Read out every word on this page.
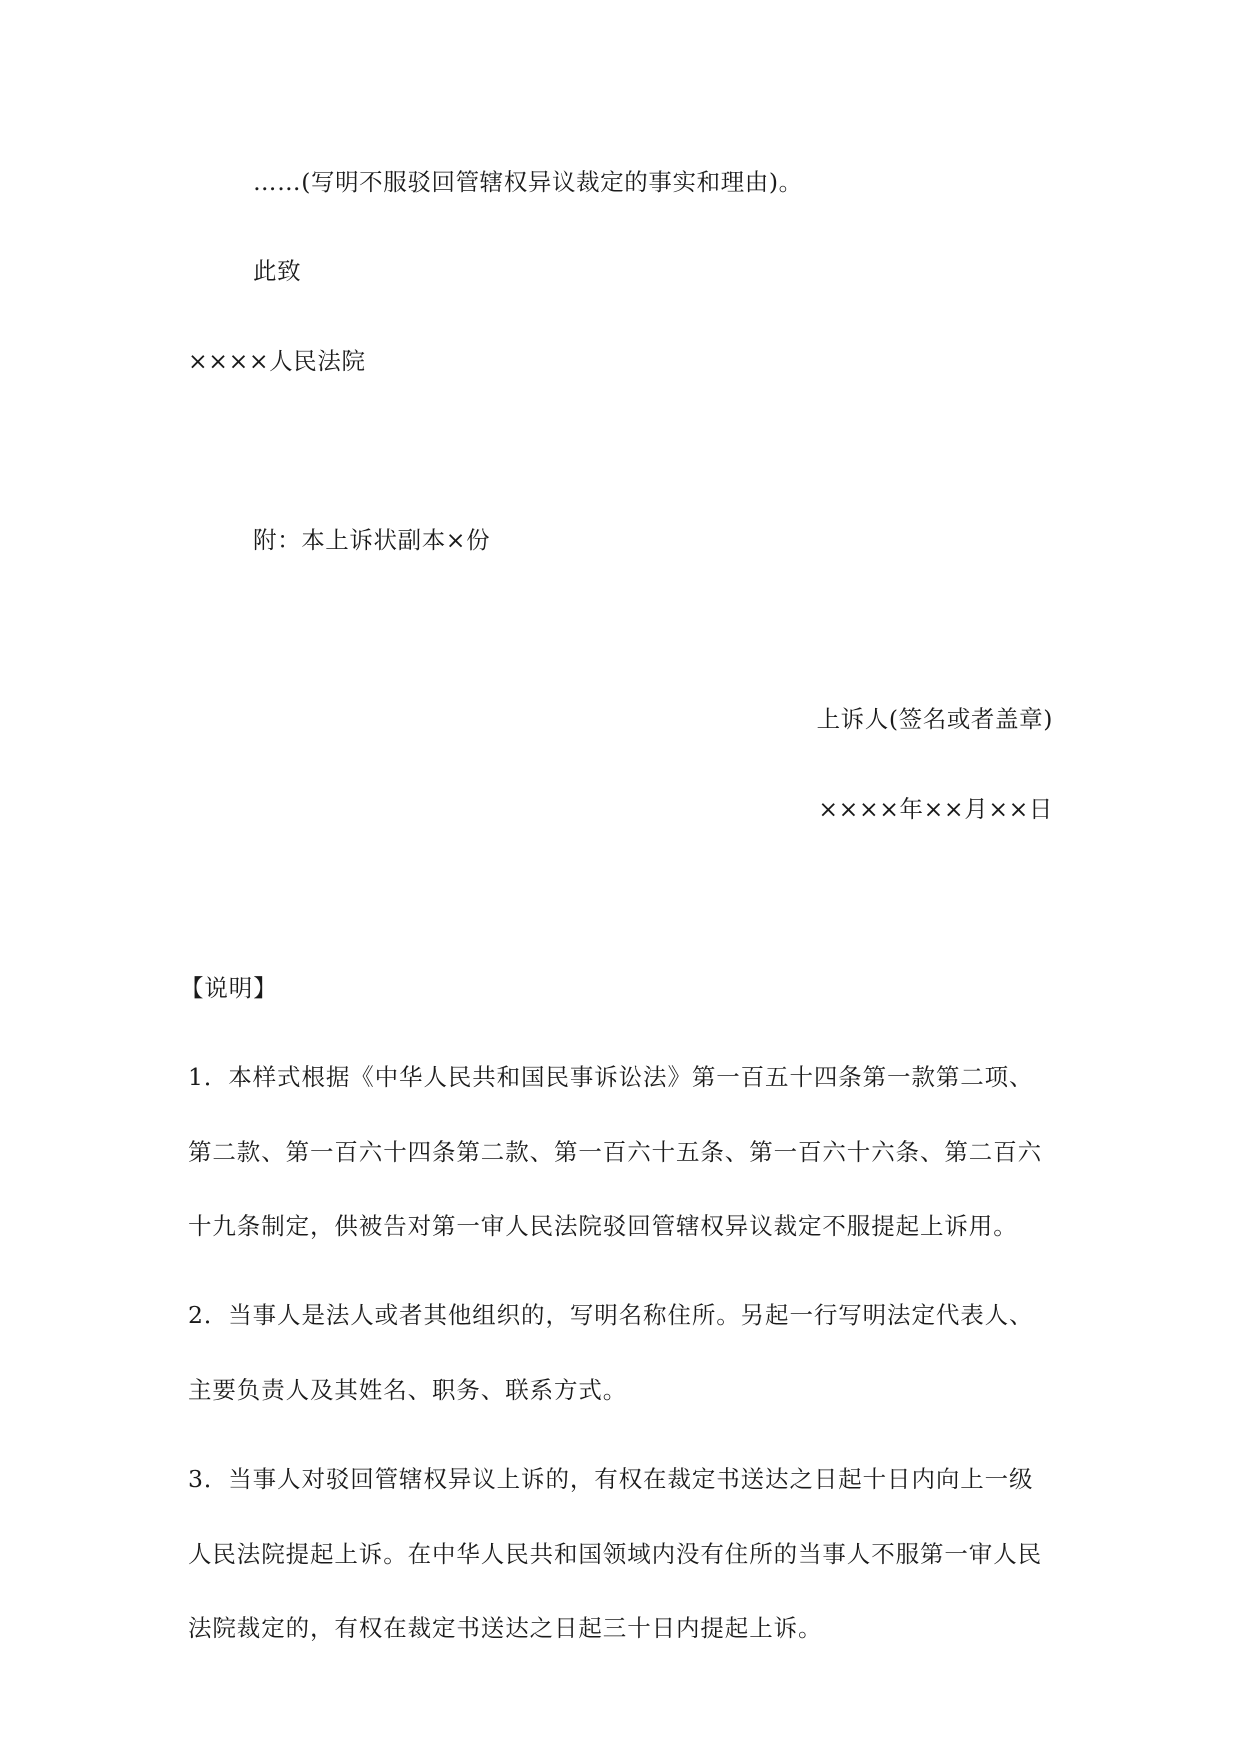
……(写明不服驳回管辖权异议裁定的事实和理由)。

此致

××××人民法院

附：本上诉状副本×份

上诉人(签名或者盖章)

××××年××月××日

【说明】

1．本样式根据《中华人民共和国民事诉讼法》第一百五十四条第一款第二项、

第二款、第一百六十四条第二款、第一百六十五条、第一百六十六条、第二百六

十九条制定，供被告对第一审人民法院驳回管辖权异议裁定不服提起上诉用。

2．当事人是法人或者其他组织的，写明名称住所。另起一行写明法定代表人、

主要负责人及其姓名、职务、联系方式。

3．当事人对驳回管辖权异议上诉的，有权在裁定书送达之日起十日内向上一级

人民法院提起上诉。在中华人民共和国领域内没有住所的当事人不服第一审人民

法院裁定的，有权在裁定书送达之日起三十日内提起上诉。
